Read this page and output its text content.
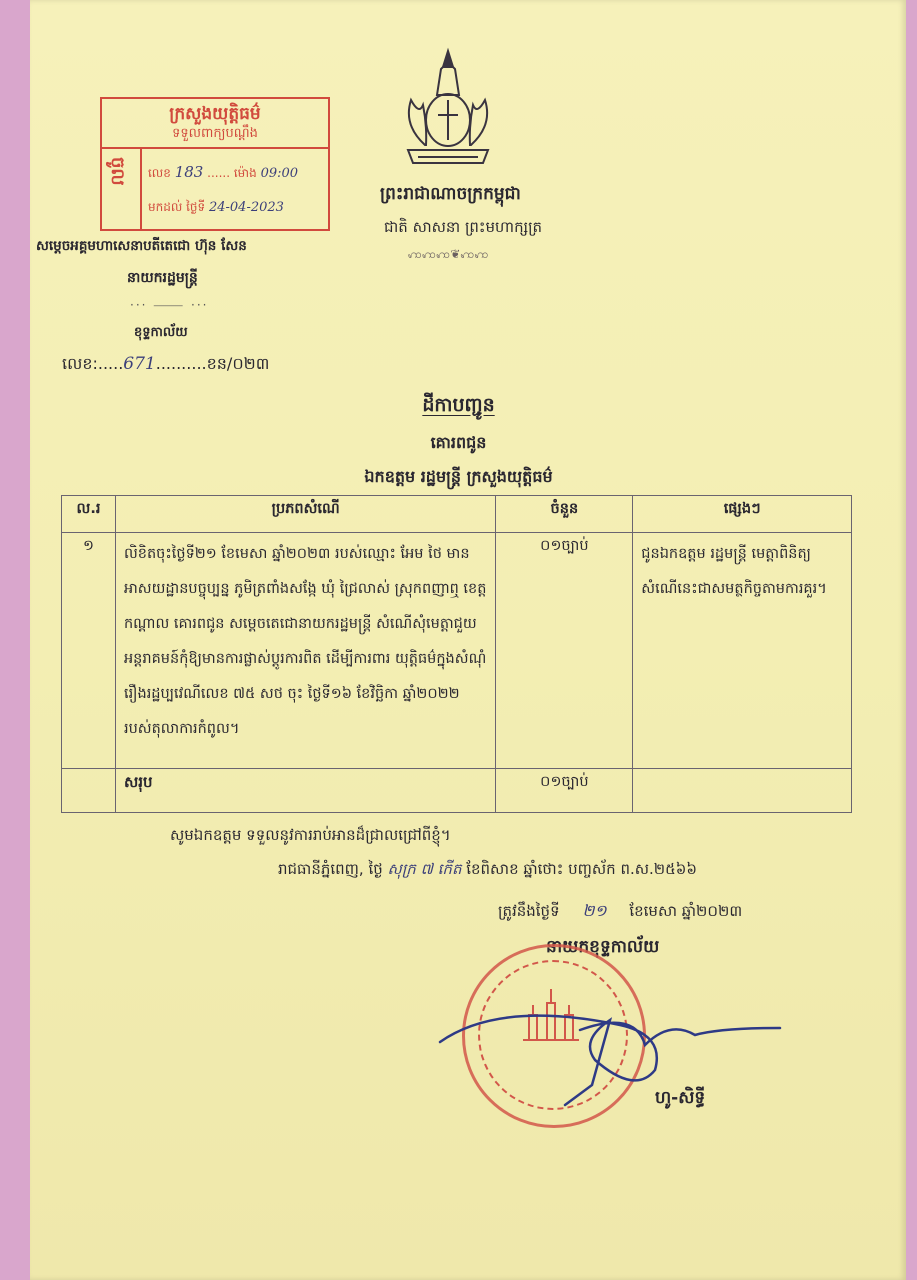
ព្រះរាជាណាចក្រកម្ពុជា
ជាតិ សាសនា ព្រះមហាក្សត្រ
ꩲꩲꩲ❦ꩲꩲ
ក្រសួងយុត្តិធម៌
ទទួលពាក្យបណ្តឹង
ចូល លេខ 183 ...... ម៉ោង 09:00
មកដល់ ថ្ងៃទី 24-04-2023
សម្តេចអគ្គមហាសេនាបតីតេជោ ហ៊ុន សែន
នាយករដ្ឋមន្ត្រី
··· ⸻ ···
ខុទ្ទកាល័យ
លេខ:.....671..........ខន/០២៣
ដីកាបញ្ជូន
គោរពជូន
ឯកឧត្តម រដ្ឋមន្ត្រី ក្រសួងយុត្តិធម៌
ល.រ	ប្រភពសំណើ	ចំនួន	ផ្សេងៗ
១	លិខិតចុះថ្ងៃទី២១ ខែមេសា ឆ្នាំ២០២៣ របស់ឈ្មោះ អែម ថៃ មានអាសយដ្ឋានបច្ចុប្បន្ន ភូមិត្រពាំងសង្កែ ឃុំ ជ្រៃលាស់ ស្រុកពញាឮ ខេត្តកណ្តាល គោរពជូន សម្តេចតេជោនាយករដ្ឋមន្ត្រី សំណើសុំមេត្តាជួយ អន្តរាគមន៍កុំឱ្យមានការផ្លាស់ប្តូរការពិត ដើម្បីការពារ យុត្តិធម៌ក្នុងសំណុំរឿងរដ្ឋប្បវេណីលេខ ៧៥ សថ ចុះ ថ្ងៃទី១៦ ខែវិច្ឆិកា ឆ្នាំ២០២២ របស់តុលាការកំពូល។	០១ច្បាប់	ជូនឯកឧត្តម រដ្ឋមន្ត្រី មេត្តាពិនិត្យសំណើនេះជាសមត្ថកិច្ចតាមការគួរ។
	សរុប	០១ច្បាប់	
សូមឯកឧត្តម ទទួលនូវការរាប់អានដ៏ជ្រាលជ្រៅពីខ្ញុំ។
រាជធានីភ្នំពេញ, ថ្ងៃ សុក្រ ៧ កើត ខែពិសាខ ឆ្នាំថោះ បញ្ចស័ក ព.ស.២៥៦៦
ត្រូវនឹងថ្ងៃទី ២១ ខែមេសា ឆ្នាំ២០២៣
នាយកខុទ្ទកាល័យ
ហូ-សិទ្ធី
